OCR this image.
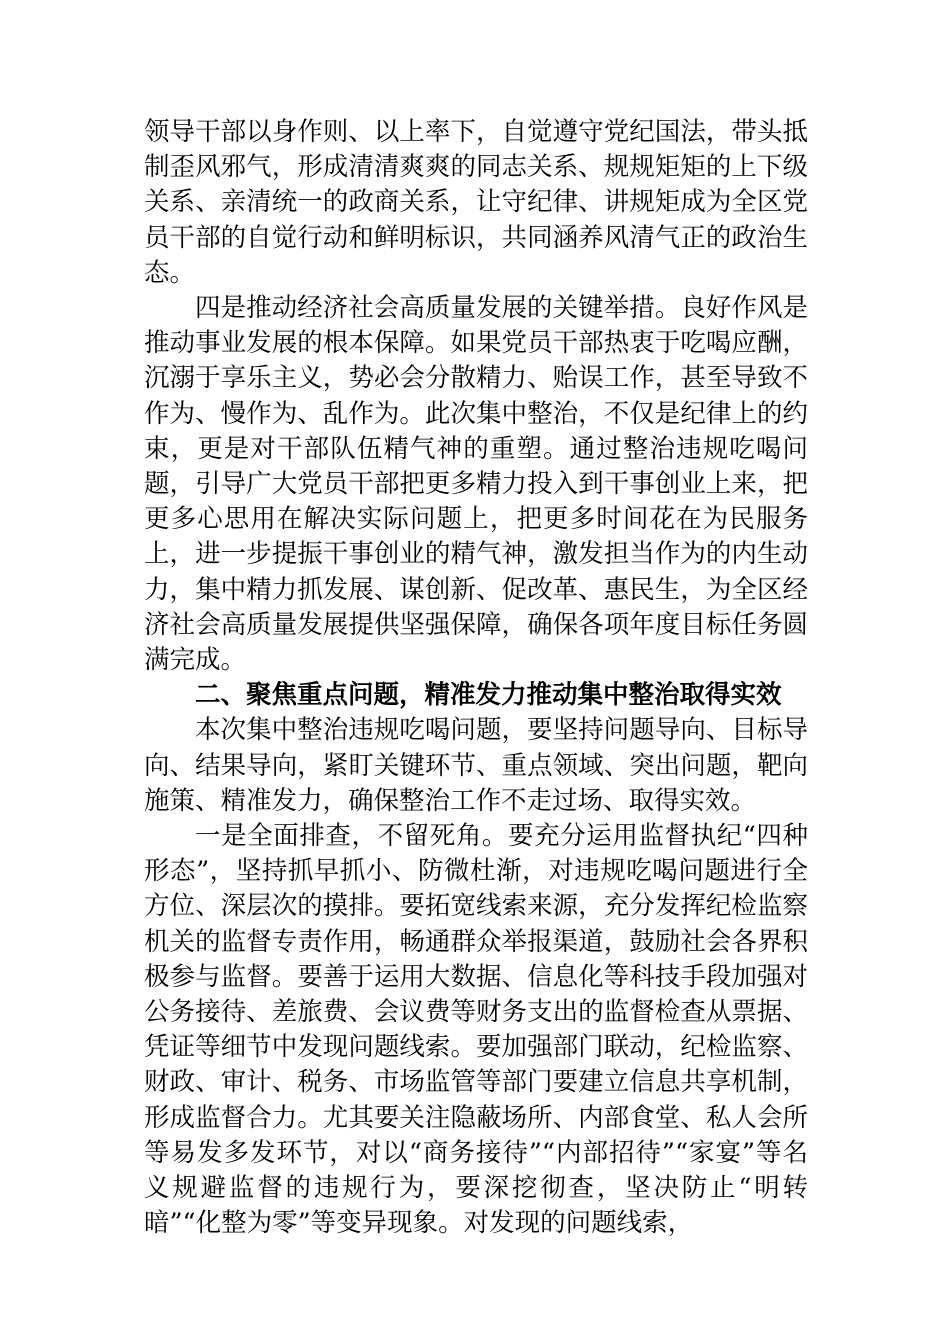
领导干部以身作则、以上率下，自觉遵守党纪国法，带头抵制歪风邪气，形成清清爽爽的同志关系、规规矩矩的上下级关系、亲清统一的政商关系，让守纪律、讲规矩成为全区党员干部的自觉行动和鲜明标识，共同涵养风清气正的政治生态。

四是推动经济社会高质量发展的关键举措。良好作风是推动事业发展的根本保障。如果党员干部热衷于吃喝应酬，沉溺于享乐主义，势必会分散精力、贻误工作，甚至导致不作为、慢作为、乱作为。此次集中整治，不仅是纪律上的约束，更是对干部队伍精气神的重塑。通过整治违规吃喝问题，引导广大党员干部把更多精力投入到干事创业上来，把更多心思用在解决实际问题上，把更多时间花在为民服务上，进一步提振干事创业的精气神，激发担当作为的内生动力，集中精力抓发展、谋创新、促改革、惠民生，为全区经济社会高质量发展提供坚强保障，确保各项年度目标任务圆满完成。

二、聚焦重点问题，精准发力推动集中整治取得实效

本次集中整治违规吃喝问题，要坚持问题导向、目标导向、结果导向，紧盯关键环节、重点领域、突出问题，靶向施策、精准发力，确保整治工作不走过场、取得实效。

一是全面排查，不留死角。要充分运用监督执纪“四种形态”，坚持抓早抓小、防微杜渐，对违规吃喝问题进行全方位、深层次的摸排。要拓宽线索来源，充分发挥纪检监察机关的监督专责作用，畅通群众举报渠道，鼓励社会各界积极参与监督。要善于运用大数据、信息化等科技手段加强对公务接待、差旅费、会议费等财务支出的监督检查从票据、凭证等细节中发现问题线索。要加强部门联动，纪检监察、财政、审计、税务、市场监管等部门要建立信息共享机制，形成监督合力。尤其要关注隐蔽场所、内部食堂、私人会所等易发多发环节，对以“商务接待”“内部招待”“家宴”等名义规避监督的违规行为，要深挖彻查，坚决防止“明转暗”“化整为零”等变异现象。对发现的问题线索，
